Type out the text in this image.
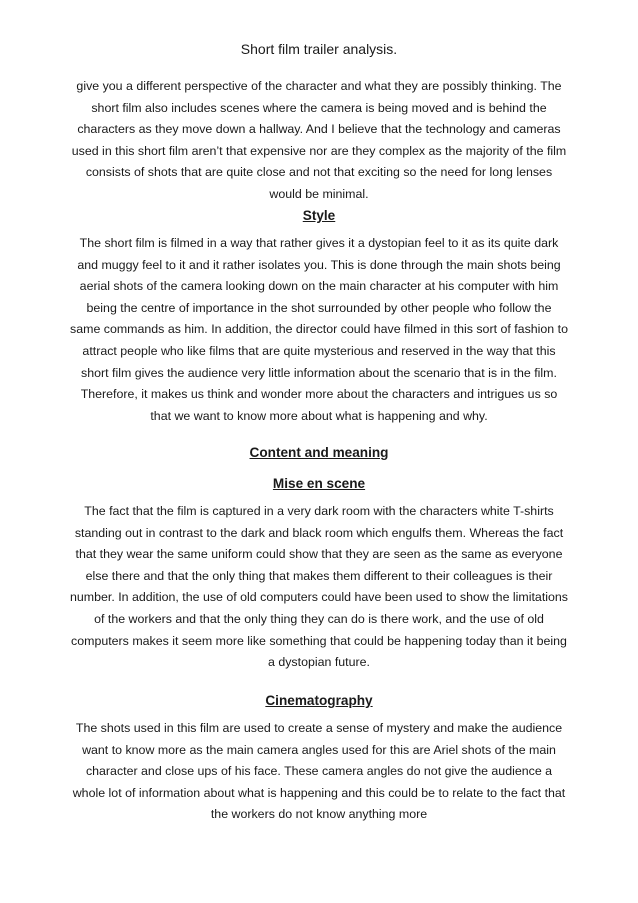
Short film trailer analysis.

give you a different perspective of the character and what they are possibly thinking. The short film also includes scenes where the camera is being moved and is behind the characters as they move down a hallway. And I believe that the technology and cameras used in this short film aren’t that expensive nor are they complex as the majority of the film consists of shots that are quite close and not that exciting so the need for long lenses would be minimal.

Style

The short film is filmed in a way that rather gives it a dystopian feel to it as its quite dark and muggy feel to it and it rather isolates you. This is done through the main shots being aerial shots of the camera looking down on the main character at his computer with him being the centre of importance in the shot surrounded by other people who follow the same commands as him. In addition, the director could have filmed in this sort of fashion to attract people who like films that are quite mysterious and reserved in the way that this short film gives the audience very little information about the scenario that is in the film. Therefore, it makes us think and wonder more about the characters and intrigues us so that we want to know more about what is happening and why.

Content and meaning
Mise en scene

The fact that the film is captured in a very dark room with the characters white T-shirts standing out in contrast to the dark and black room which engulfs them. Whereas the fact that they wear the same uniform could show that they are seen as the same as everyone else there and that the only thing that makes them different to their colleagues is their number. In addition, the use of old computers could have been used to show the limitations of the workers and that the only thing they can do is there work, and the use of old computers makes it seem more like something that could be happening today than it being a dystopian future.

Cinematography

The shots used in this film are used to create a sense of mystery and make the audience want to know more as the main camera angles used for this are Ariel shots of the main character and close ups of his face. These camera angles do not give the audience a whole lot of information about what is happening and this could be to relate to the fact that the workers do not know anything more
